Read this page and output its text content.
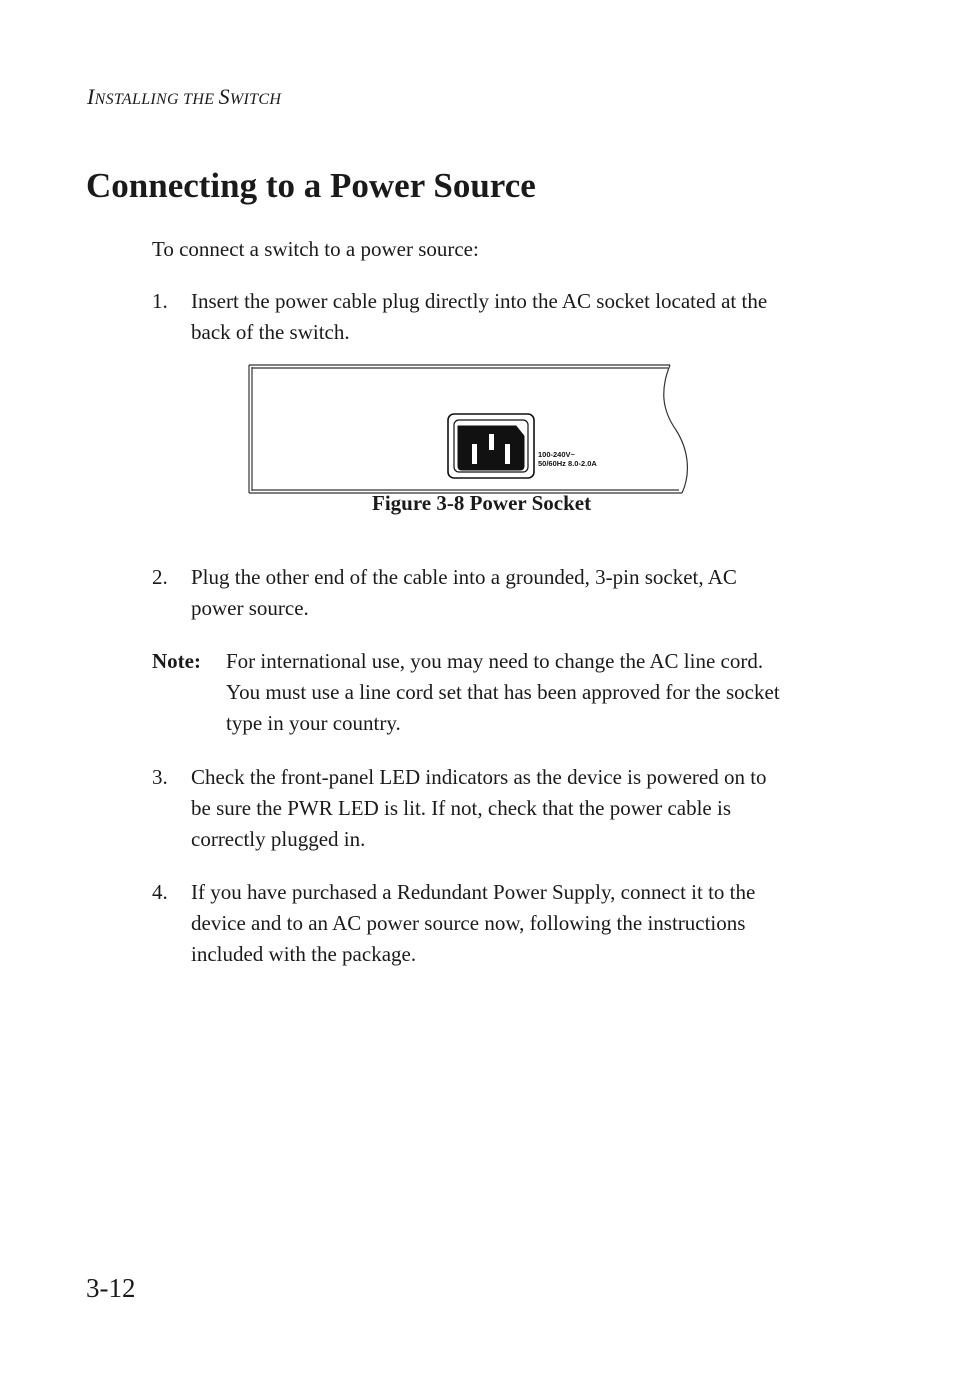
INSTALLING THE SWITCH
Connecting to a Power Source
To connect a switch to a power source:
1. Insert the power cable plug directly into the AC socket located at the
back of the switch.
100-240V~
50/60Hz 8.0-2.0A
Figure 3-8 Power Socket
2. Plug the other end of the cable into a grounded, 3-pin socket, AC
power source.
Note: For international use, you may need to change the AC line cord.
You must use a line cord set that has been approved for the socket
type in your country.
3. Check the front-panel LED indicators as the device is powered on to
be sure the PWR LED is lit. If not, check that the power cable is
correctly plugged in.
4. If you have purchased a Redundant Power Supply, connect it to the
device and to an AC power source now, following the instructions
included with the package.
3-12
